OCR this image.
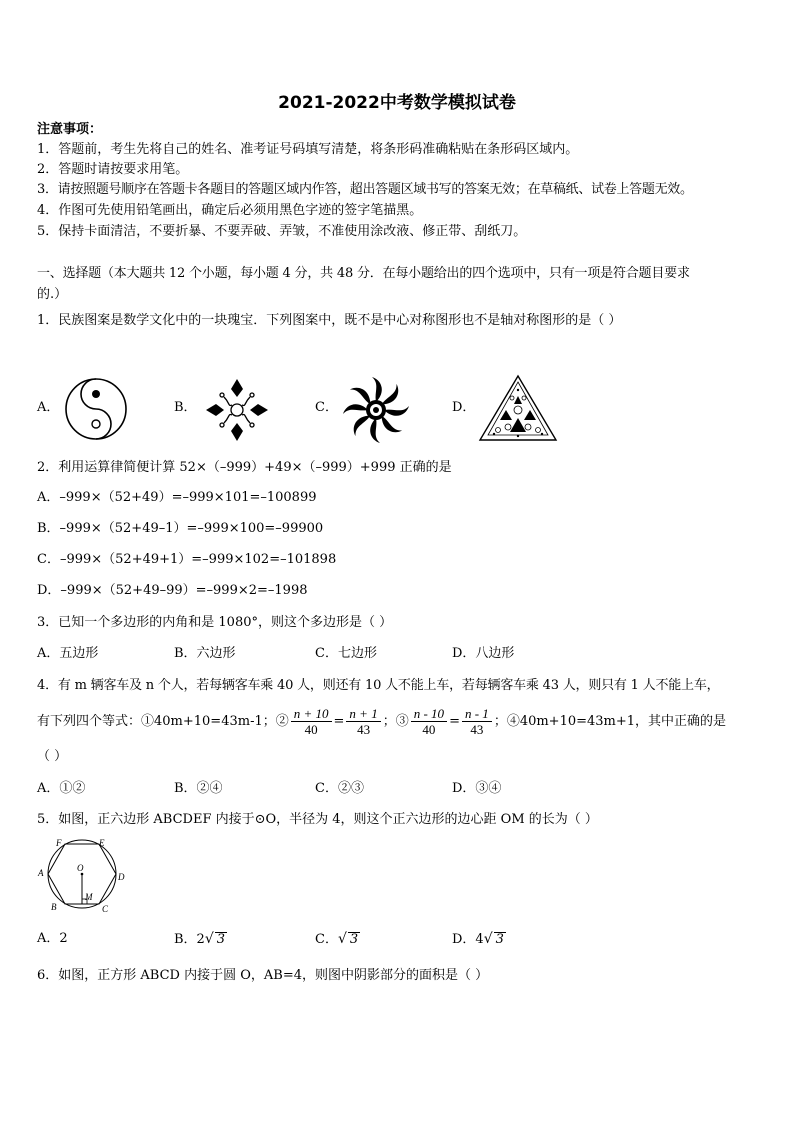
2021-2022中考数学模拟试卷
注意事项：
1．答题前，考生先将自己的姓名、准考证号码填写清楚，将条形码准确粘贴在条形码区域内。
2．答题时请按要求用笔。
3．请按照题号顺序在答题卡各题目的答题区域内作答，超出答题区域书写的答案无效；在草稿纸、试卷上答题无效。
4．作图可先使用铅笔画出，确定后必须用黑色字迹的签字笔描黑。
5．保持卡面清洁，不要折暴、不要弄破、弄皱，不准使用涂改液、修正带、刮纸刀。
一、选择题（本大题共 12 个小题，每小题 4 分，共 48 分．在每小题给出的四个选项中，只有一项是符合题目要求
的.）
1．民族图案是数学文化中的一块瑰宝．下列图案中，既不是中心对称图形也不是轴对称图形的是（ ）
A．	B．	C．	D．
2．利用运算律简便计算 52×（–999）+49×（–999）+999 正确的是
A．–999×（52+49）=–999×101=–100899
B．–999×（52+49–1）=–999×100=–99900
C．–999×（52+49+1）=–999×102=–101898
D．–999×（52+49–99）=–999×2=–1998
3．已知一个多边形的内角和是 1080°，则这个多边形是（ ）
A．五边形	B．六边形	C．七边形	D．八边形
4．有 m 辆客车及 n 个人，若每辆客车乘 40 人，则还有 10 人不能上车，若每辆客车乘 43 人，则只有 1 人不能上车，
有下列四个等式：①40m+10=43m-1；② $\frac{n + 10}{40} = \frac{n + 1}{43}$ ；③ $\frac{n - 10}{40} = \frac{n - 1}{43}$ ；④40m+10=43m+1，其中正确的是
（ ）
A．①②	B．②④	C．②③	D．③④
5．如图，正六边形 ABCDEF 内接于⊙O，半径为 4，则这个正六边形的边心距 OM 的长为（ ）
F	E
A	D
B	C
O
M
A．2	B．2√ 3	C．√ 3	D．4√ 3
6．如图，正方形 ABCD 内接于圆 O，AB=4，则图中阴影部分的面积是（ ）
